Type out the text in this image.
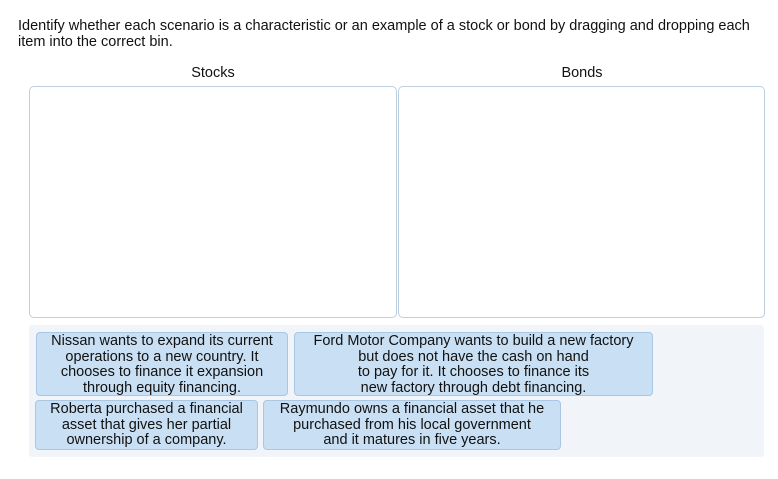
Identify whether each scenario is a characteristic or an example of a stock or bond by dragging and dropping each item into the correct bin.
Stocks	Bonds
Nissan wants to expand its current
operations to a new country. It
chooses to finance it expansion
through equity financing.
Ford Motor Company wants to build a new factory
but does not have the cash on hand
to pay for it. It chooses to finance its
new factory through debt financing.
Roberta purchased a financial
asset that gives her partial
ownership of a company.
Raymundo owns a financial asset that he
purchased from his local government
and it matures in five years.
